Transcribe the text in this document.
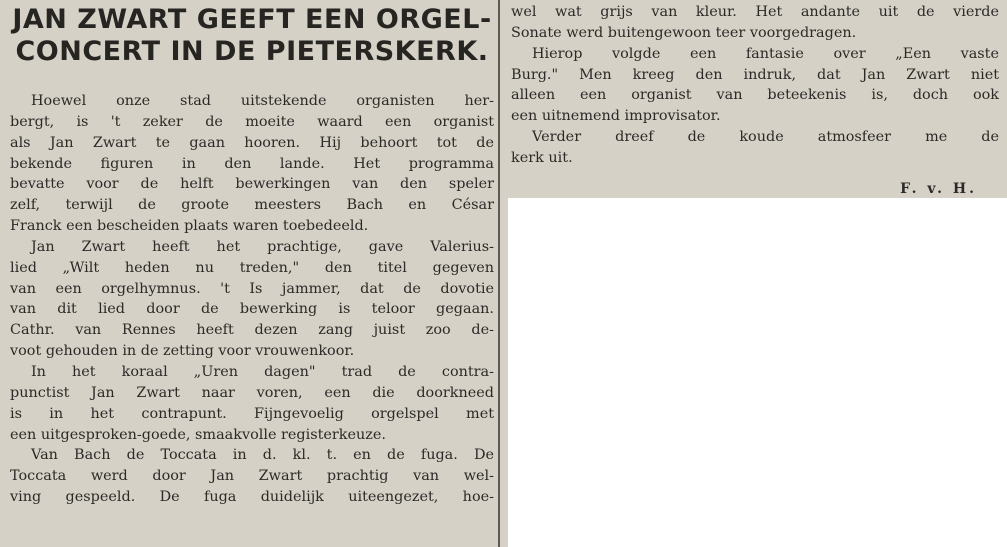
JAN ZWART GEEFT EEN ORGEL-
CONCERT IN DE PIETERSKERK.
Hoewel onze stad uitstekende organisten her-
bergt, is 't zeker de moeite waard een organist
als Jan Zwart te gaan hooren. Hij behoort tot de
bekende figuren in den lande. Het programma
bevatte voor de helft bewerkingen van den speler
zelf, terwijl de groote meesters Bach en César
Franck een bescheiden plaats waren toebedeeld.
Jan Zwart heeft het prachtige, gave Valerius-
lied „Wilt heden nu treden," den titel gegeven
van een orgelhymnus. 't Is jammer, dat de dovotie
van dit lied door de bewerking is teloor gegaan.
Cathr. van Rennes heeft dezen zang juist zoo de-
voot gehouden in de zetting voor vrouwenkoor.
In het koraal „Uren dagen" trad de contra-
punctist Jan Zwart naar voren, een die doorkneed
is in het contrapunt. Fijngevoelig orgelspel met
een uitgesproken-goede, smaakvolle registerkeuze.
Van Bach de Toccata in d. kl. t. en de fuga. De
Toccata werd door Jan Zwart prachtig van wel-
ving gespeeld. De fuga duidelijk uiteengezet, hoe-
wel wat grijs van kleur. Het andante uit de vierde
Sonate werd buitengewoon teer voorgedragen.
Hierop volgde een fantasie over „Een vaste
Burg." Men kreeg den indruk, dat Jan Zwart niet
alleen een organist van beteekenis is, doch ook
een uitnemend improvisator.
Verder dreef de koude atmosfeer me de
kerk uit.
F. v. H.
